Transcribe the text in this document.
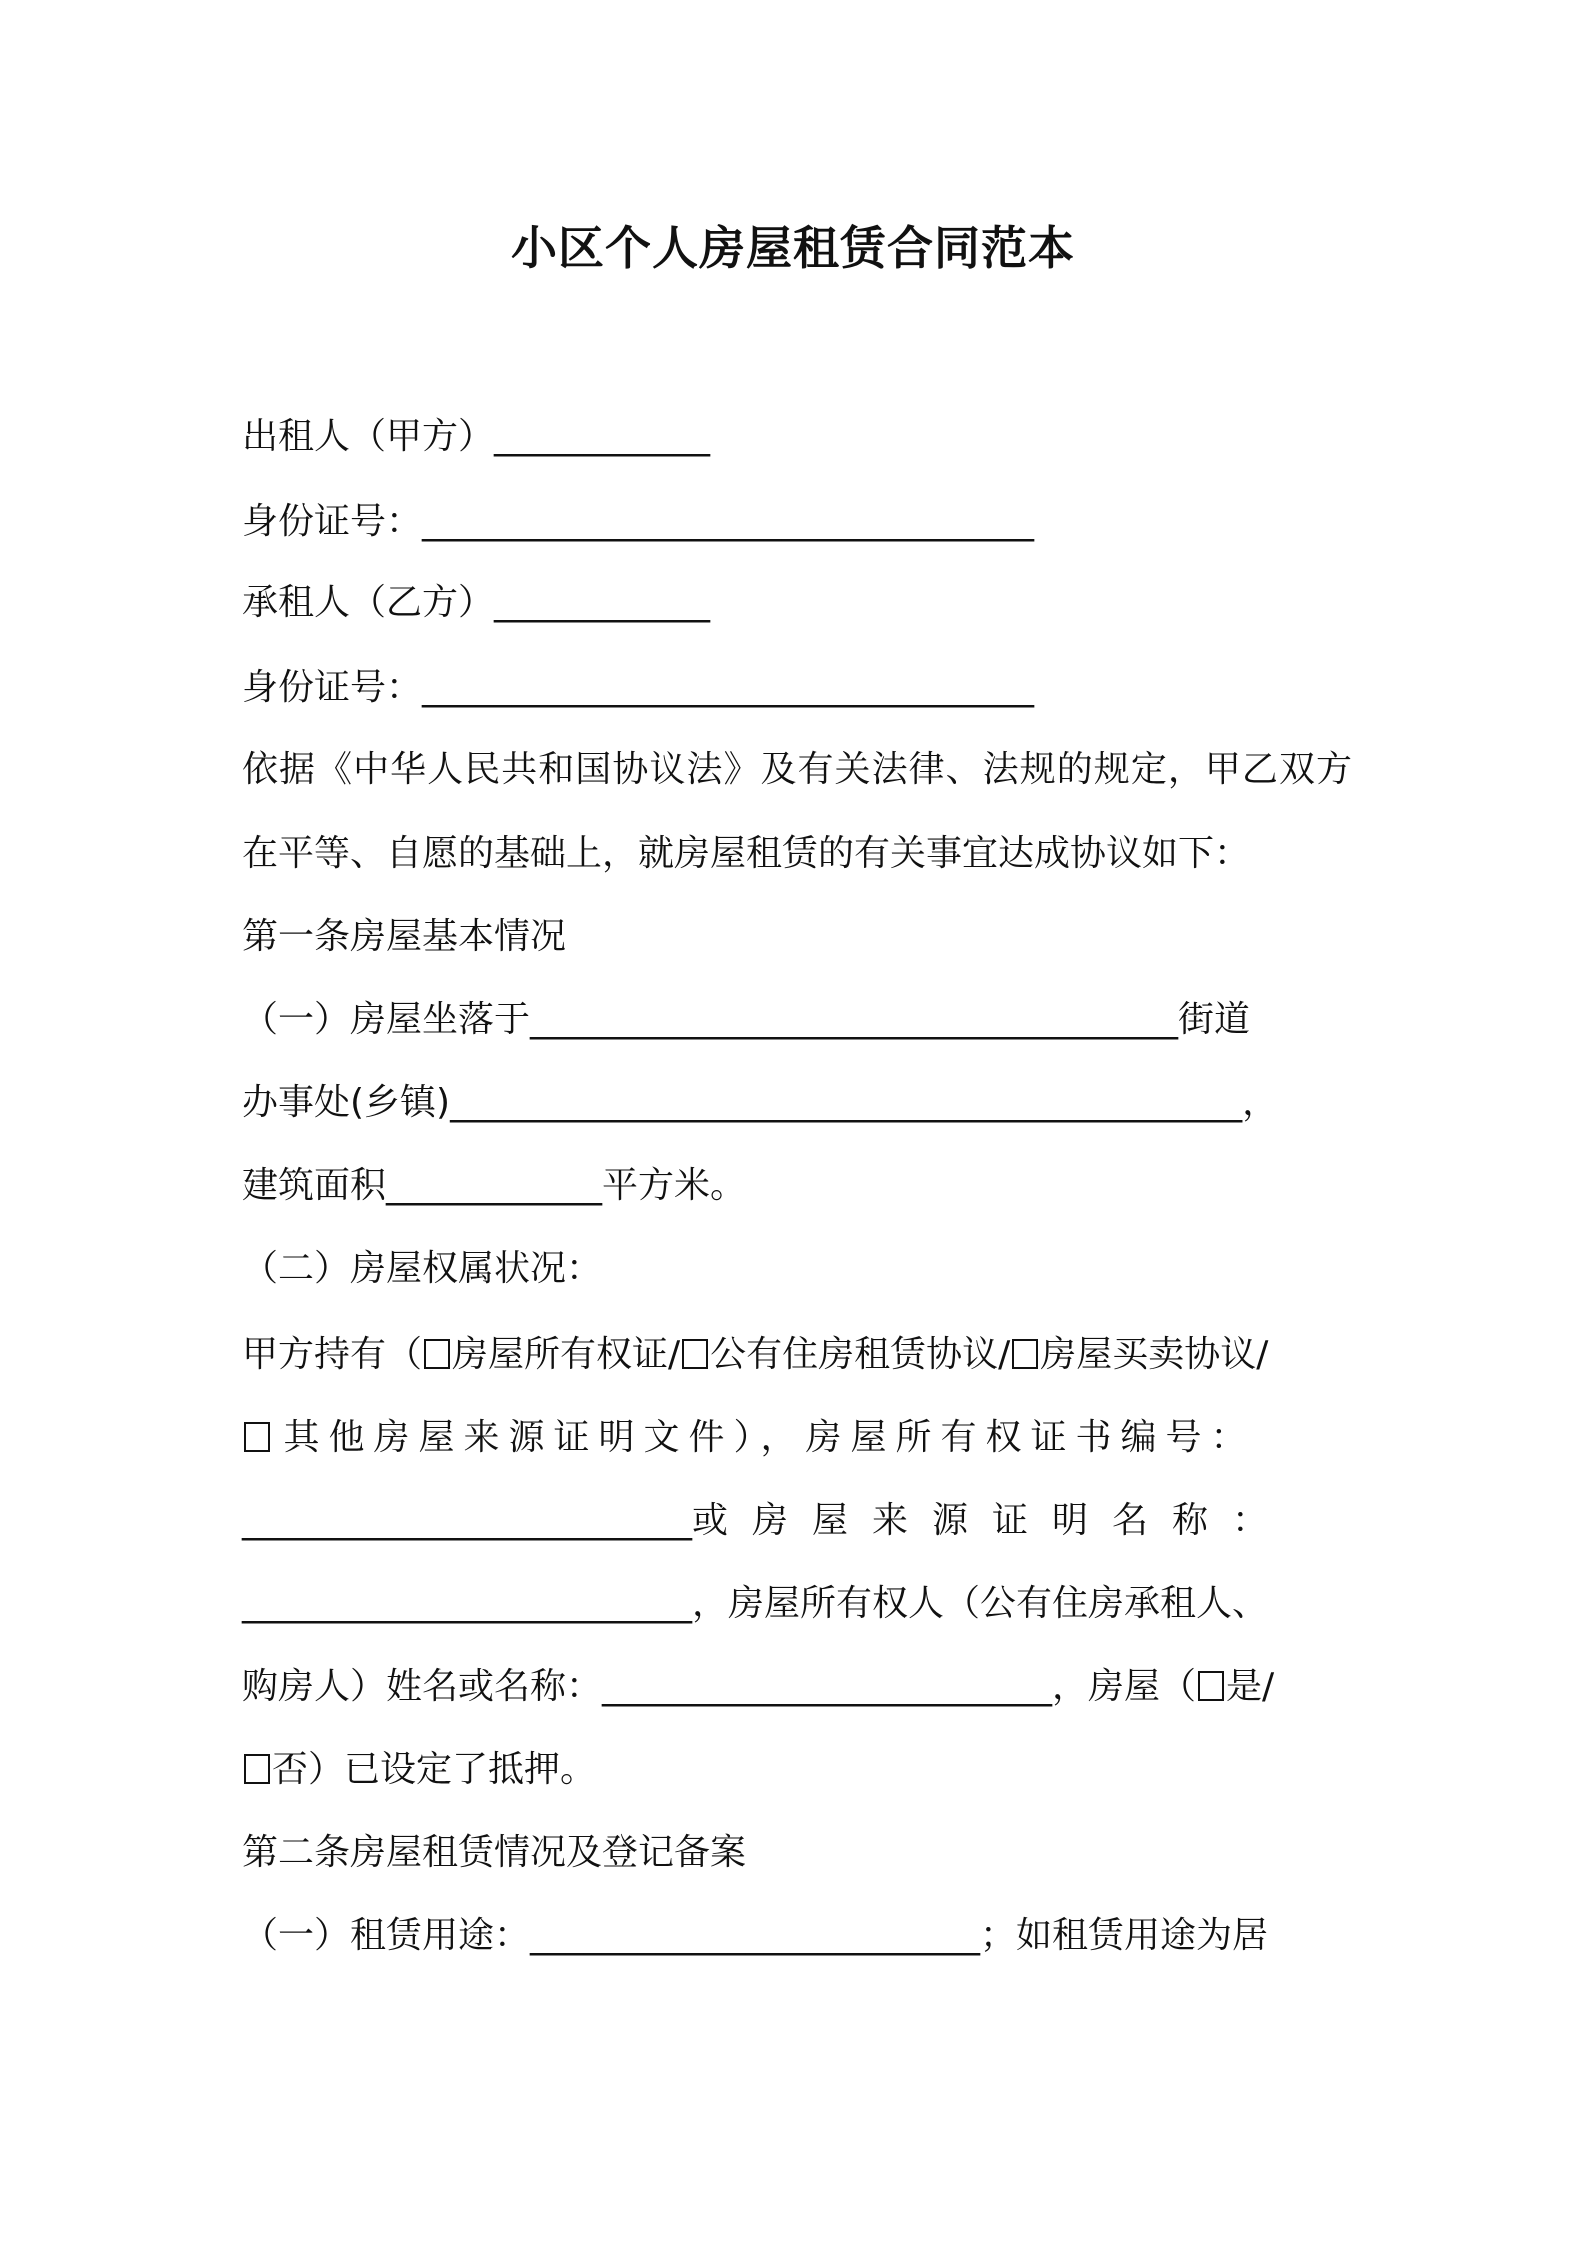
小区个人房屋租赁合同范本
出租人（甲方）____________
身份证号：__________________________________
承租人（乙方）____________
身份证号：__________________________________
依据《中华人民共和国协议法》及有关法律、法规的规定，甲乙双方
在平等、自愿的基础上，就房屋租赁的有关事宜达成协议如下：
第一条房屋基本情况
（一）房屋坐落于____________________________________街道
办事处(乡镇)____________________________________________，
建筑面积____________平方米。
（二）房屋权属状况：
甲方持有（ 房屋所有权证/ 公有住房租赁协议/ 房屋买卖协议/
其他房屋来源证明文件），房屋所有权证书编号：
_________________________或房屋来源证明名称：
_________________________，房屋所有权人（公有住房承租人、
购房人）姓名或名称：_________________________，房屋（ 是/
否）已设定了抵押。
第二条房屋租赁情况及登记备案
（一）租赁用途：_________________________；如租赁用途为居
